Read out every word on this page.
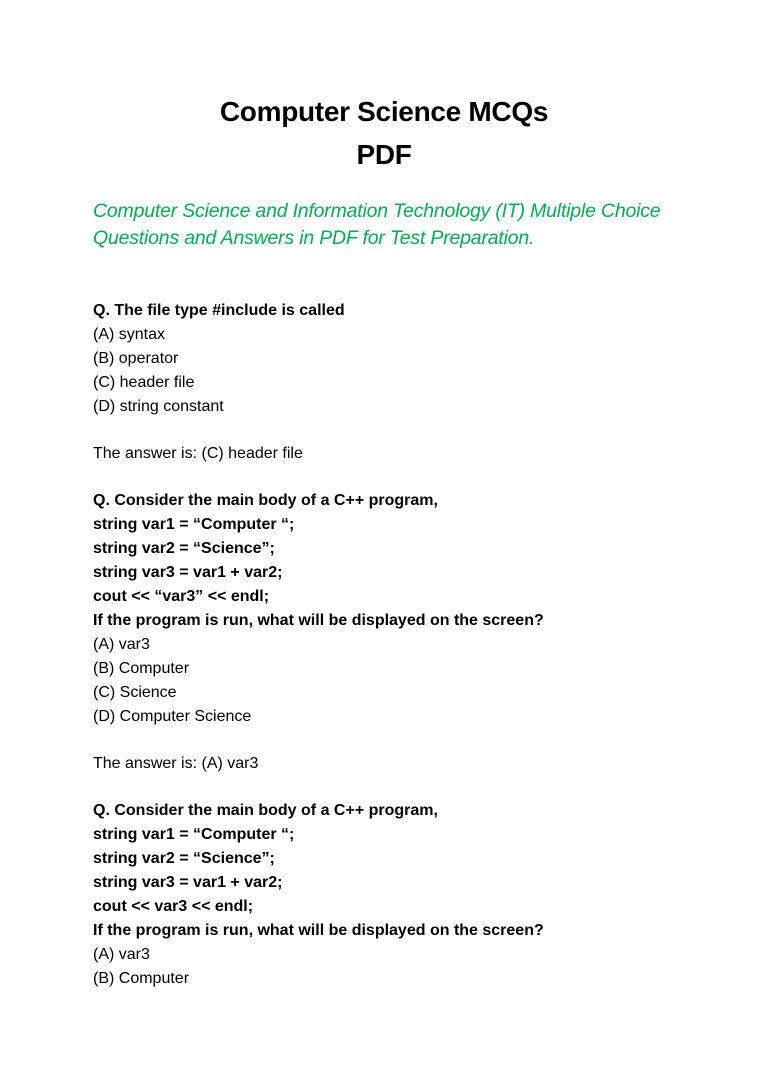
Computer Science MCQs
PDF
Computer Science and Information Technology (IT) Multiple Choice
Questions and Answers in PDF for Test Preparation.
Q. The file type #include is called
(A) syntax
(B) operator
(C) header file
(D) string constant
The answer is: (C) header file
Q. Consider the main body of a C++ program,
string var1 = “Computer “;
string var2 = “Science”;
string var3 = var1 + var2;
cout << “var3” << endl;
If the program is run, what will be displayed on the screen?
(A) var3
(B) Computer
(C) Science
(D) Computer Science
The answer is: (A) var3
Q. Consider the main body of a C++ program,
string var1 = “Computer “;
string var2 = “Science”;
string var3 = var1 + var2;
cout << var3 << endl;
If the program is run, what will be displayed on the screen?
(A) var3
(B) Computer
